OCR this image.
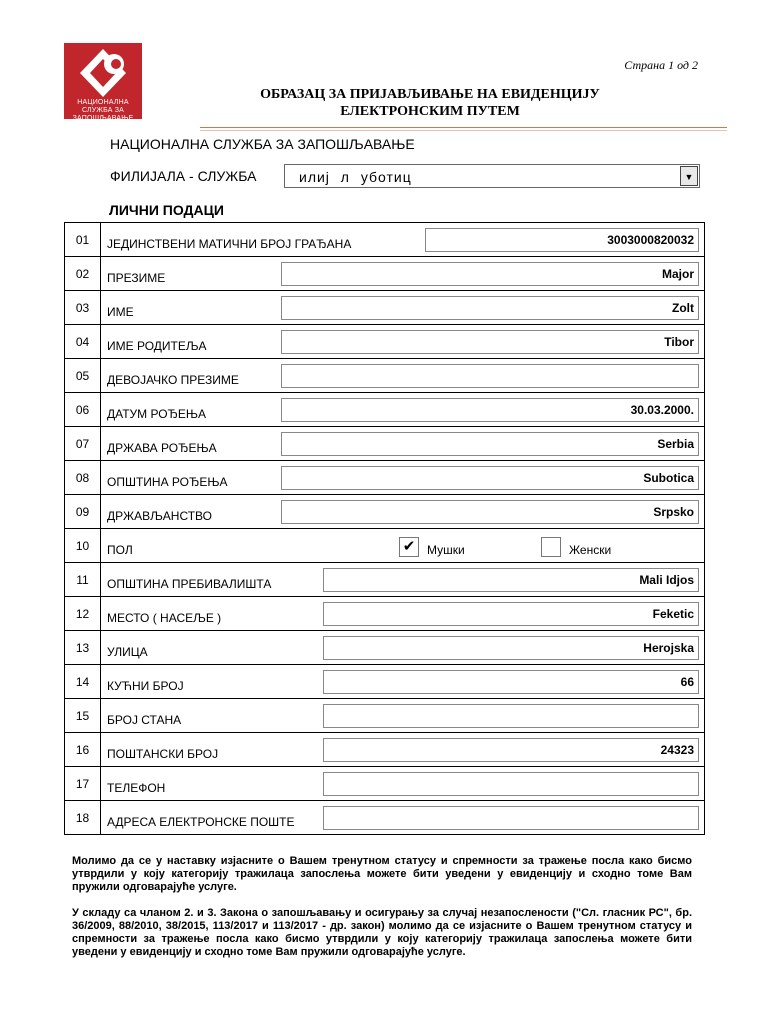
НАЦИОНАЛНА СЛУЖБА ЗА ЗАПОШЉАВАЊЕ
Страна 1 од 2
ОБРАЗАЦ ЗА ПРИЈАВЉИВАЊЕ НА ЕВИДЕНЦИЈУ
ЕЛЕКТРОНСКИМ ПУТЕМ
НАЦИОНАЛНА СЛУЖБА ЗА ЗАПОШЉАВАЊЕ
ФИЛИЈАЛА - СЛУЖБА	илиј л уботиц	▼
ЛИЧНИ ПОДАЦИ
01	ЈЕДИНСТВЕНИ МАТИЧНИ БРОЈ ГРАЂАНА 3003000820032

02	ПРЕЗИМЕ Major

03	ИМЕ Zolt

04	ИМЕ РОДИТЕЉА Tibor

05	ДЕВОЈАЧКО ПРЕЗИМЕ

06	ДАТУМ РОЂЕЊА 30.03.2000.

07	ДРЖАВА РОЂЕЊА Serbia

08	ОПШТИНА РОЂЕЊА Subotica

09	ДРЖАВЉАНСТВО Srpsko

10	ПОЛ ✔ Мушки Женски

11	ОПШТИНА ПРЕБИВАЛИШТА Mali Idjos

12	МЕСТО ( НАСЕЉЕ ) Feketic

13	УЛИЦА Herojska

14	КУЋНИ БРОЈ 66

15	БРОЈ СТАНА

16	ПОШТАНСКИ БРОЈ 24323

17	ТЕЛЕФОН

18	АДРЕСА ЕЛЕКТРОНСКЕ ПОШТЕ
Молимо да се у наставку изјасните о Вашем тренутном статусу и спремности за тражење посла како бисмо утврдили у коју категорију тражилаца запослења можете бити уведени у евиденцију и сходно томе Вам пружили одговарајуће услуге.
У складу са чланом 2. и 3. Закона о запошљавању и осигурању за случај незапослености ("Сл. гласник РС", бр. 36/2009, 88/2010, 38/2015, 113/2017 и 113/2017 - др. закон) молимо да се изјасните о Вашем тренутном статусу и спремности за тражење посла како бисмо утврдили у коју категорију тражилаца запослења можете бити уведени у евиденцију и сходно томе Вам пружили одговарајуће услуге.
